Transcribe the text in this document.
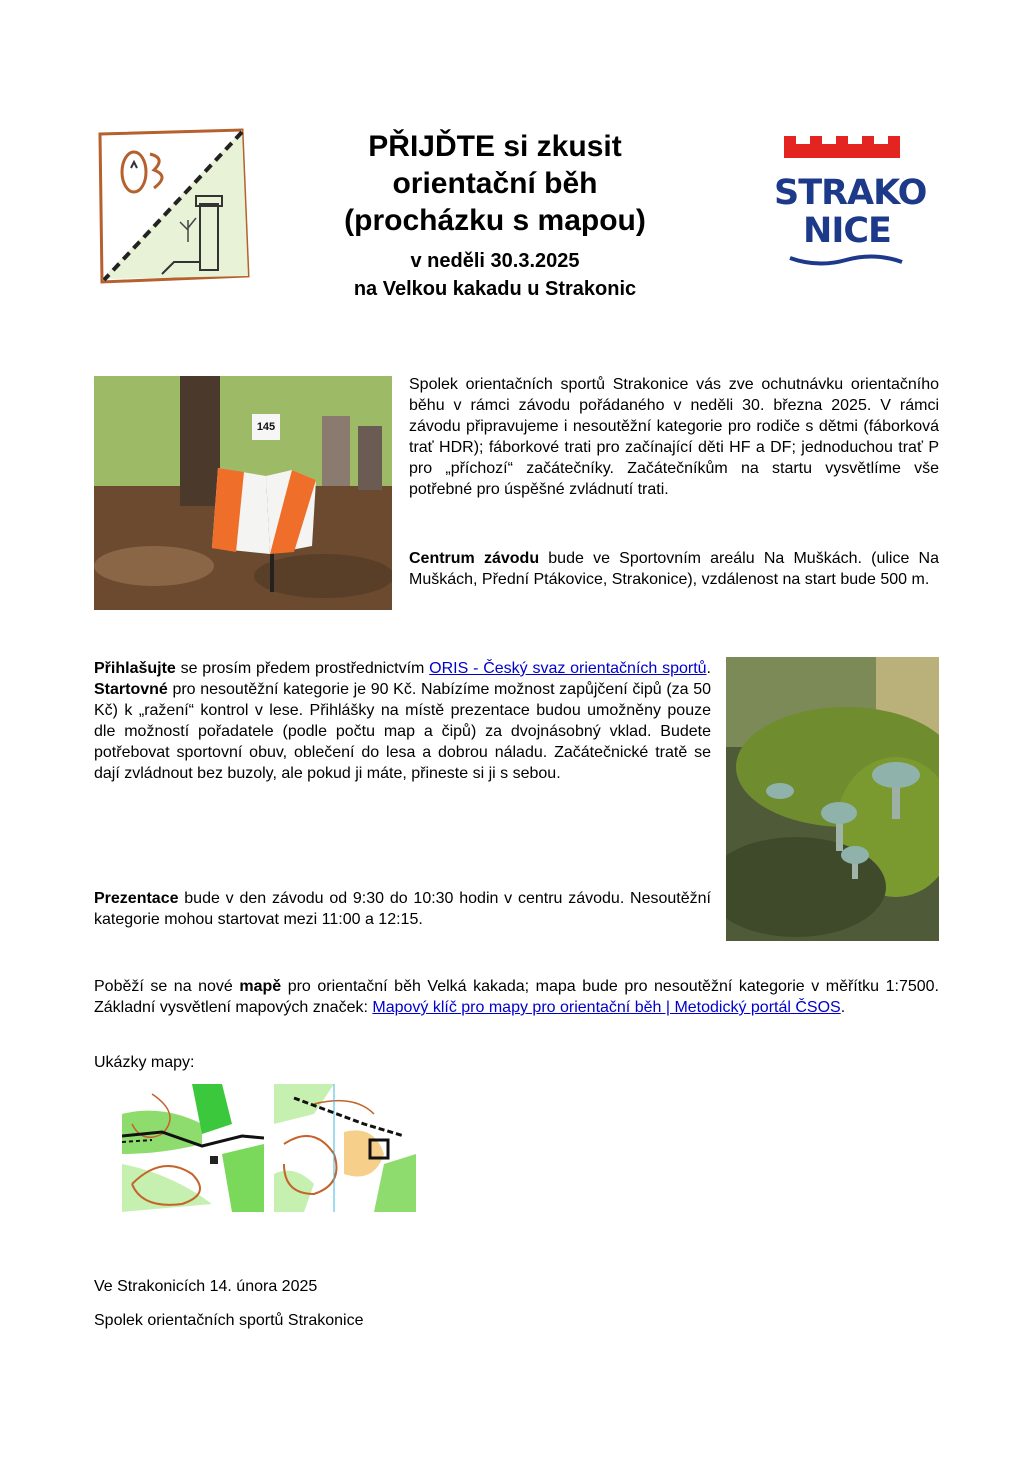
PŘIJĎTE si zkusit
orientační běh
(procházku s mapou)
v neděli 30.3.2025
na Velkou kakadu u Strakonic
STRAKO
NICE
145
Spolek orientačních sportů Strakonice vás zve ochutnávku orientačního běhu v rámci závodu pořádaného v neděli 30. března 2025. V rámci závodu připravujeme i nesoutěžní kategorie pro rodiče s dětmi (fáborková trať HDR); fáborkové trati pro začínající děti HF a DF; jednoduchou trať P pro „příchozí“ začátečníky. Začátečníkům na startu vysvětlíme vše potřebné pro úspěšné zvládnutí trati.
Centrum závodu bude ve Sportovním areálu Na Muškách. (ulice Na Muškách, Přední Ptákovice, Strakonice), vzdálenost na start bude 500 m.
Přihlašujte se prosím předem prostřednictvím ORIS - Český svaz orientačních sportů. Startovné pro nesoutěžní kategorie je 90 Kč. Nabízíme možnost zapůjčení čipů (za 50 Kč) k „ražení“ kontrol v lese. Přihlášky na místě prezentace budou umožněny pouze dle možností pořadatele (podle počtu map a čipů) za dvojnásobný vklad. Budete potřebovat sportovní obuv, oblečení do lesa a dobrou náladu. Začátečnické tratě se dají zvládnout bez buzoly, ale pokud ji máte, přineste si ji s sebou.
Prezentace bude v den závodu od 9:30 do 10:30 hodin v centru závodu. Nesoutěžní kategorie mohou startovat mezi 11:00 a 12:15.
Poběží se na nové mapě pro orientační běh Velká kakada; mapa bude pro nesoutěžní kategorie v měřítku 1:7500. Základní vysvětlení mapových značek: Mapový klíč pro mapy pro orientační běh | Metodický portál ČSOS.
Ukázky mapy:
Ve Strakonicích 14. února 2025
Spolek orientačních sportů Strakonice
